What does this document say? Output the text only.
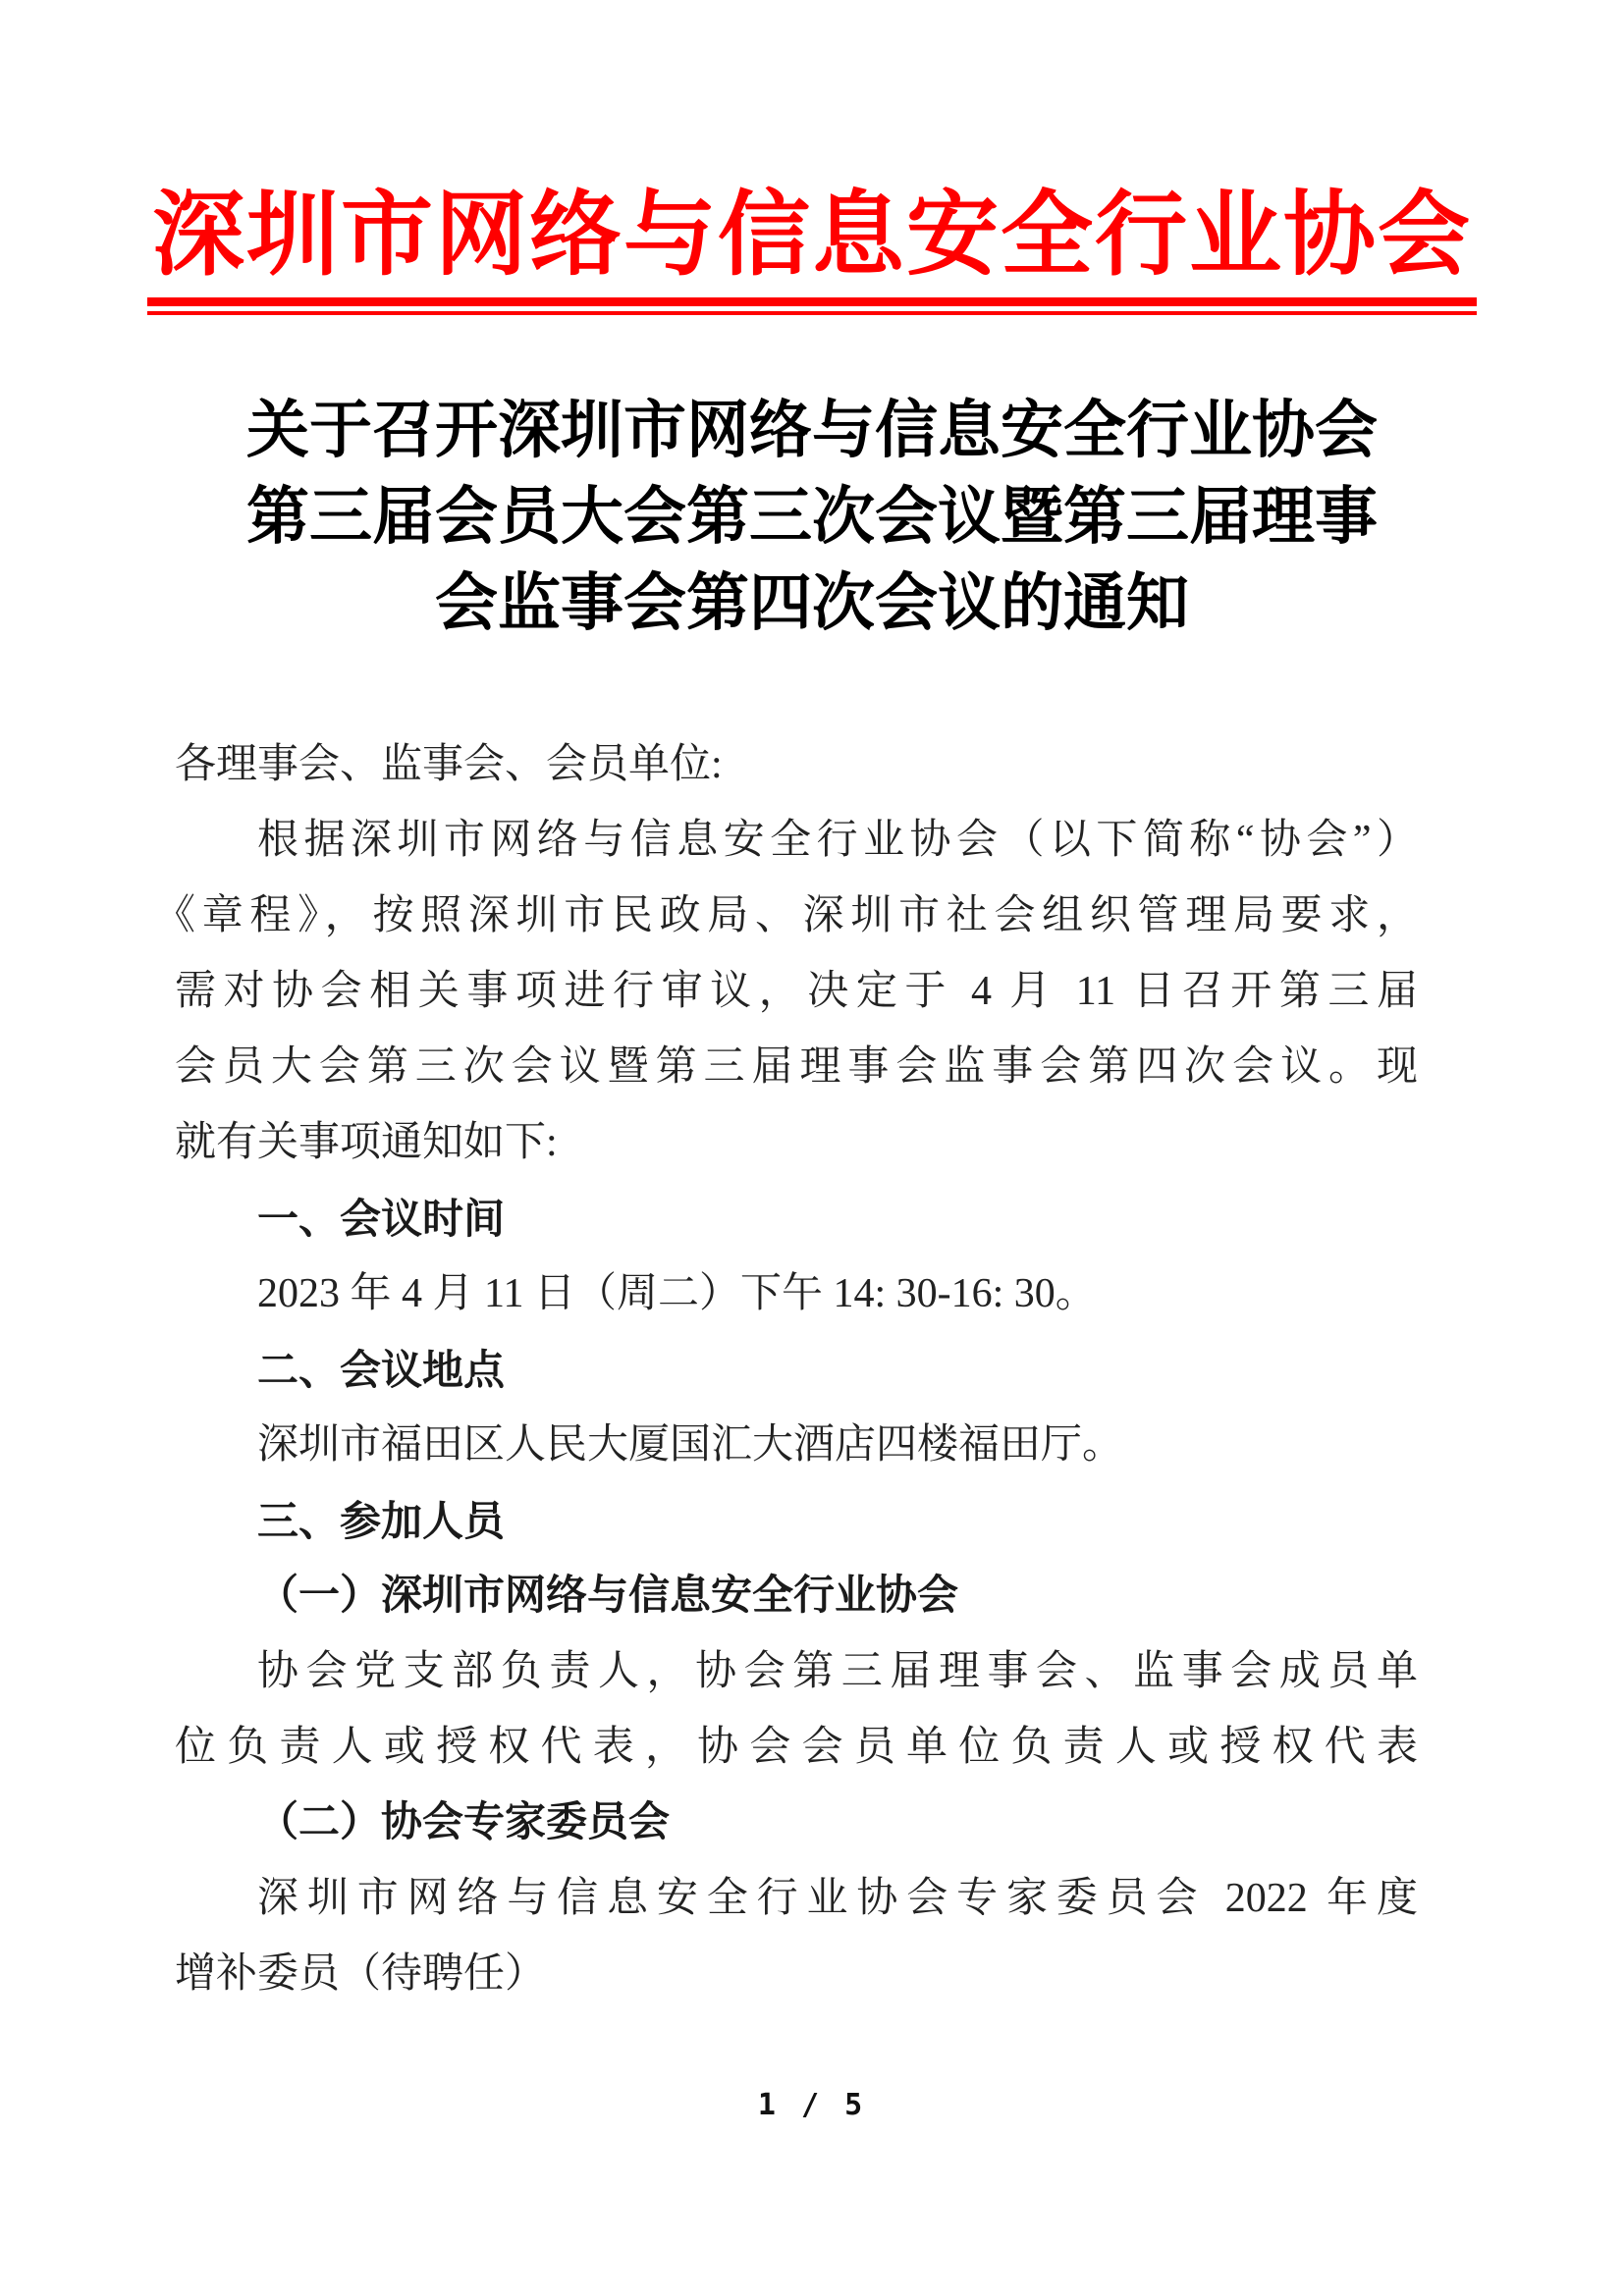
深圳市网络与信息安全行业协会
关于召开深圳市网络与信息安全行业协会
第三届会员大会第三次会议暨第三届理事
会监事会第四次会议的通知
各理事会、监事会、会员单位:
根据深圳市网络与信息安全行业协会（以下简称“协会”）
《章程》，按照深圳市民政局、深圳市社会组织管理局要求，
需对协会相关事项进行审议，决定于 4 月 11 日召开第三届
会员大会第三次会议暨第三届理事会监事会第四次会议。现
就有关事项通知如下:
一、会议时间
2023 年 4 月 11 日（周二）下午 14: 30-16: 30。
二、会议地点
深圳市福田区人民大厦国汇大酒店四楼福田厅。
三、参加人员
（一）深圳市网络与信息安全行业协会
协会党支部负责人，协会第三届理事会、监事会成员单
位负责人或授权代表，协会会员单位负责人或授权代表
（二）协会专家委员会
深圳市网络与信息安全行业协会专家委员会 2022 年度
增补委员（待聘任）
1 / 5
